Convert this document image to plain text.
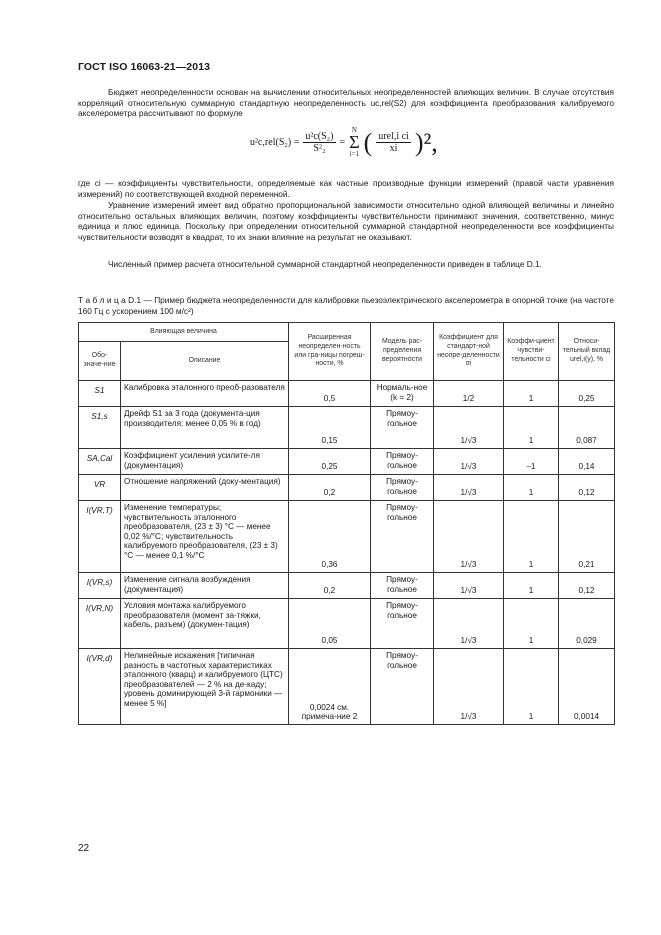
ГОСТ ISO 16063-21—2013
Бюджет неопределенности основан на вычислении относительных неопределенностей влияющих величин. В случае отсутствия корреляций относительную суммарную стандартную неопределенность uc,rel(S2) для коэффициента преобразования калибруемого акселерометра рассчитывают по формуле
$u^2c,rel(S_2) = \frac{\text{u²c(S₂)}}{\text{S²₂}}$ =
N
Σ
i=1 ( $\frac{\text{urel,i ci}}{xi} )^2$,
где ci — коэффициенты чувствительности, определяемые как частные производные функции измерений (правой части уравнения измерений) по соответствующей входной переменной.
Уравнение измерений имеет вид обратно пропорциональной зависимости относительно одной влияющей величины и линейно относительно остальных влияющих величин, поэтому коэффициенты чувствительности принимают значения, соответственно, минус единица и плюс единица. Поскольку при определении относительной суммарной стандартной неопределенности все коэффициенты чувствительности возводят в квадрат, то их знаки влияние на результат не оказывают.
Численный пример расчета относительной суммарной стандартной неопределенности приведен в таблице D.1.
Т а б л и ц а D.1 — Пример бюджета неопределенности для калибровки пьезоэлектрического акселерометра в опорной точке (на частоте 160 Гц с ускорением 100 м/с²)
Влияющая величина		Расширенная неопределен-ность или гра-ницы погреш-ности, %	Модель рас-пределения вероятности	Коэффициент для стандарт-ной неопре-деленности σi	Коэффи-циент чувстви-тельности ci	Относи-тельный вклад urel,i(y), %
Обо-значе-ние	Описание					
S1	Калибровка эталонного преоб-разователя	0,5	Нормаль-ное (k = 2)	1/2	1	0,25
S1,s	Дрейф S1 за 3 года (документа-ция производителя: менее 0,05 % в год)	0,15	Прямоу-гольное	1/√3	1	0,087
SA,Cal	Коэффициент усиления усилите-ля (документация)	0,25	Прямоу-гольное	1/√3	–1	0,14
VR	Отношение напряжений (доку-ментация)	0,2	Прямоу-гольное	1/√3	1	0,12
I(VR,T)	Изменение температуры; чувствительность эталонного преобразователя, (23 ± 3) °С — менее 0,02 %/°С; чувствительность калибруемого преобразователя, (23 ± 3) °С — менее 0,1 %/°С	0,36	Прямоу-гольное	1/√3	1	0,21
I(VR,s)	Изменение сигнала возбуждения (документация)	0,2	Прямоу-гольное	1/√3	1	0,12
I(VR,N)	Условия монтажа калибруемого преобразователя (момент за-тяжки, кабель, разъем) (докумен-тация)	0,05	Прямоу-гольное	1/√3	1	0,029
I(VR,d)	Нелинейные искажения [типичная разность в частотных характеристиках эталонного (кварц) и калибруемого (ЦТС) преобразователей — 2 % на де-каду; уровень доминирующей 3-й гармоники — менее 5 %]	0,0024 см. примеча-ние 2	Прямоу-гольное	1/√3	1	0,0014
22
